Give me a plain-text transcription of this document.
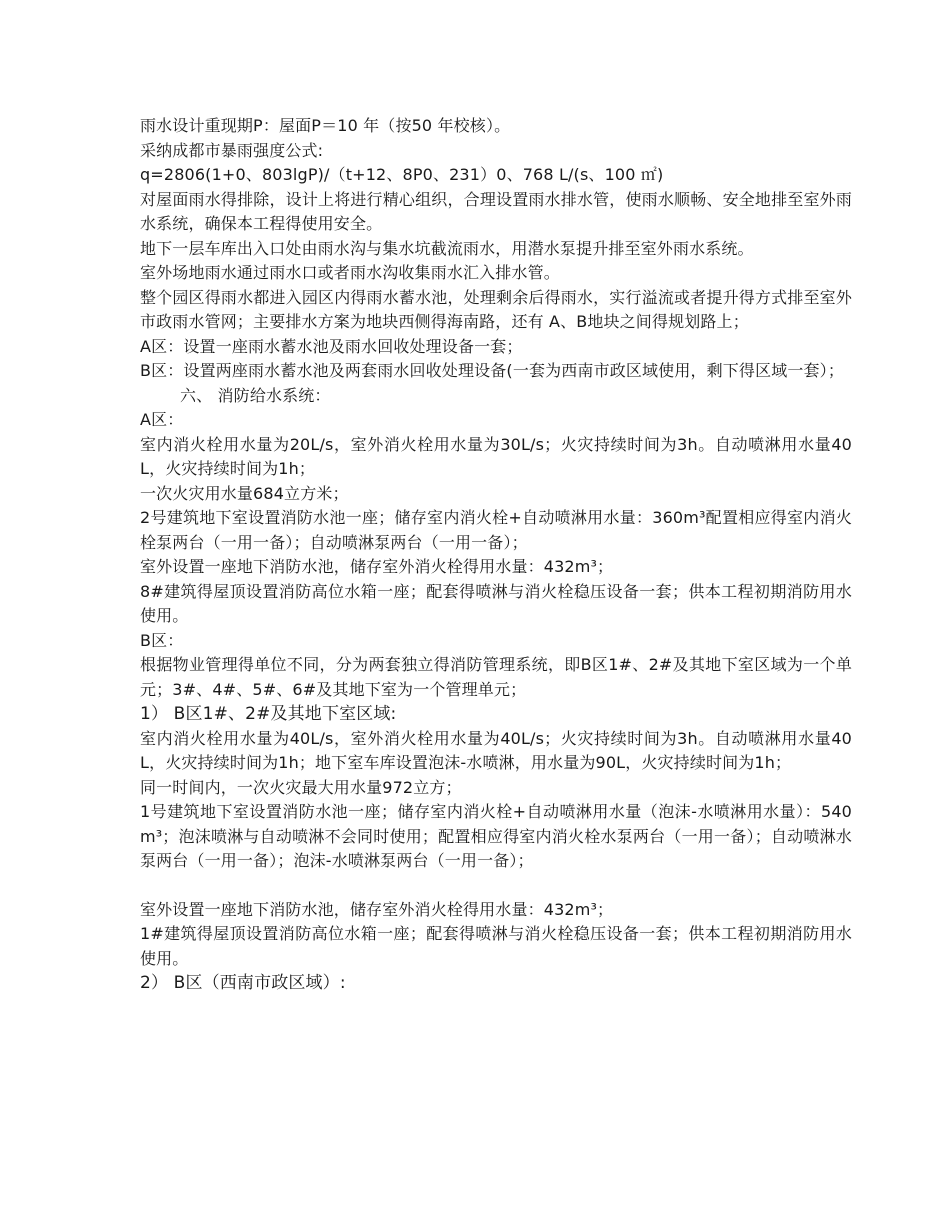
雨水设计重现期P：屋面P＝10 年（按50 年校核）。

采纳成都市暴雨强度公式:

q=2806(1+0、803lgP)/（t+12、8P0、231）0、768 L/(s、100 ㎡)

对屋面雨水得排除，设计上将进行精心组织，合理设置雨水排水管，使雨水顺畅、安全地排至室外雨水系统，确保本工程得使用安全。

地下一层车库出入口处由雨水沟与集水坑截流雨水，用潜水泵提升排至室外雨水系统。

室外场地雨水通过雨水口或者雨水沟收集雨水汇入排水管。

整个园区得雨水都进入园区内得雨水蓄水池，处理剩余后得雨水，实行溢流或者提升得方式排至室外市政雨水管网；主要排水方案为地块西侧得海南路，还有 A、B地块之间得规划路上；

A区：设置一座雨水蓄水池及雨水回收处理设备一套；

B区：设置两座雨水蓄水池及两套雨水回收处理设备(一套为西南市政区域使用，剩下得区域一套）；

六、 消防给水系统：

A区：

室内消火栓用水量为20L/s，室外消火栓用水量为30L/s；火灾持续时间为3h。自动喷淋用水量40L，火灾持续时间为1h；

一次火灾用水量684立方米；

2号建筑地下室设置消防水池一座；储存室内消火栓+自动喷淋用水量：360m³配置相应得室内消火栓泵两台（一用一备）；自动喷淋泵两台（一用一备）；

室外设置一座地下消防水池，储存室外消火栓得用水量：432m³；

8#建筑得屋顶设置消防高位水箱一座；配套得喷淋与消火栓稳压设备一套；供本工程初期消防用水使用。

B区：

根据物业管理得单位不同，分为两套独立得消防管理系统，即B区1#、2#及其地下室区域为一个单元；3#、4#、5#、6#及其地下室为一个管理单元；

1） B区1#、2#及其地下室区域:

室内消火栓用水量为40L/s，室外消火栓用水量为40L/s；火灾持续时间为3h。自动喷淋用水量40L，火灾持续时间为1h；地下室车库设置泡沫-水喷淋，用水量为90L，火灾持续时间为1h；

同一时间内，一次火灾最大用水量972立方；

1号建筑地下室设置消防水池一座；储存室内消火栓+自动喷淋用水量（泡沫-水喷淋用水量）：540m³；泡沫喷淋与自动喷淋不会同时使用；配置相应得室内消火栓水泵两台（一用一备）；自动喷淋水泵两台（一用一备）；泡沫-水喷淋泵两台（一用一备）；

室外设置一座地下消防水池，储存室外消火栓得用水量：432m³；

1#建筑得屋顶设置消防高位水箱一座；配套得喷淋与消火栓稳压设备一套；供本工程初期消防用水使用。

2） B区（西南市政区域）:
